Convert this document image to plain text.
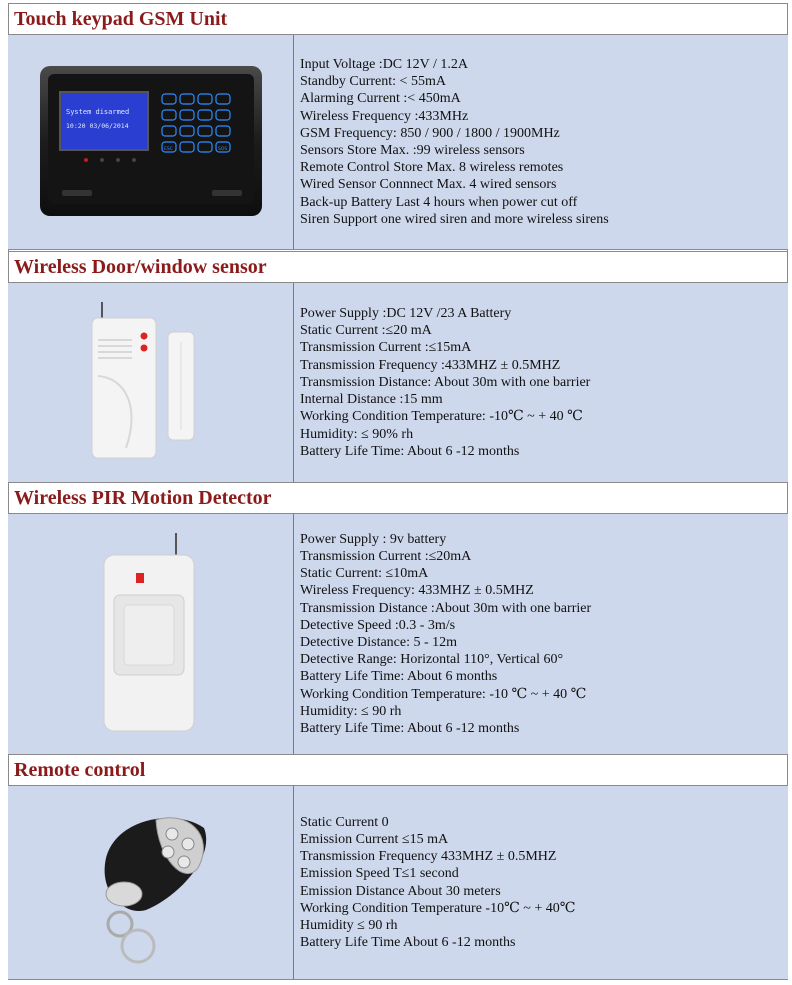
Touch keypad GSM Unit
System disarmed
10:20 03/06/2014
ESC	SOS
Input Voltage :DC 12V / 1.2A
Standby Current: < 55mA
Alarming Current :< 450mA
Wireless Frequency :433MHz
GSM Frequency: 850 / 900 / 1800 / 1900MHz
Sensors Store Max. :99 wireless sensors
Remote Control Store Max. 8 wireless remotes
Wired Sensor Connnect Max. 4 wired sensors
Back-up Battery Last 4 hours when power cut off
Siren Support one wired siren and more wireless sirens
Wireless Door/window sensor
Power Supply :DC 12V /23 A Battery
Static Current :≤20 mA
Transmission Current :≤15mA
Transmission Frequency :433MHZ ± 0.5MHZ
Transmission Distance: About 30m with one barrier
Internal Distance :15 mm
Working Condition Temperature: -10℃ ~ + 40 ℃
Humidity: ≤ 90% rh
Battery Life Time: About 6 -12 months
Wireless PIR Motion Detector
Power Supply : 9v battery
Transmission Current :≤20mA
Static Current: ≤10mA
Wireless Frequency: 433MHZ ± 0.5MHZ
Transmission Distance :About 30m with one barrier
Detective Speed :0.3 - 3m/s
Detective Distance: 5 - 12m
Detective Range: Horizontal 110°, Vertical 60°
Battery Life Time: About 6 months
Working Condition Temperature: -10 ℃ ~ + 40 ℃
Humidity: ≤ 90 rh
Battery Life Time: About 6 -12 months
Remote control
Static Current 0
Emission Current ≤15 mA
Transmission Frequency 433MHZ ± 0.5MHZ
Emission Speed T≤1 second
Emission Distance About 30 meters
Working Condition Temperature -10℃ ~ + 40℃
Humidity ≤ 90 rh
Battery Life Time About 6 -12 months
